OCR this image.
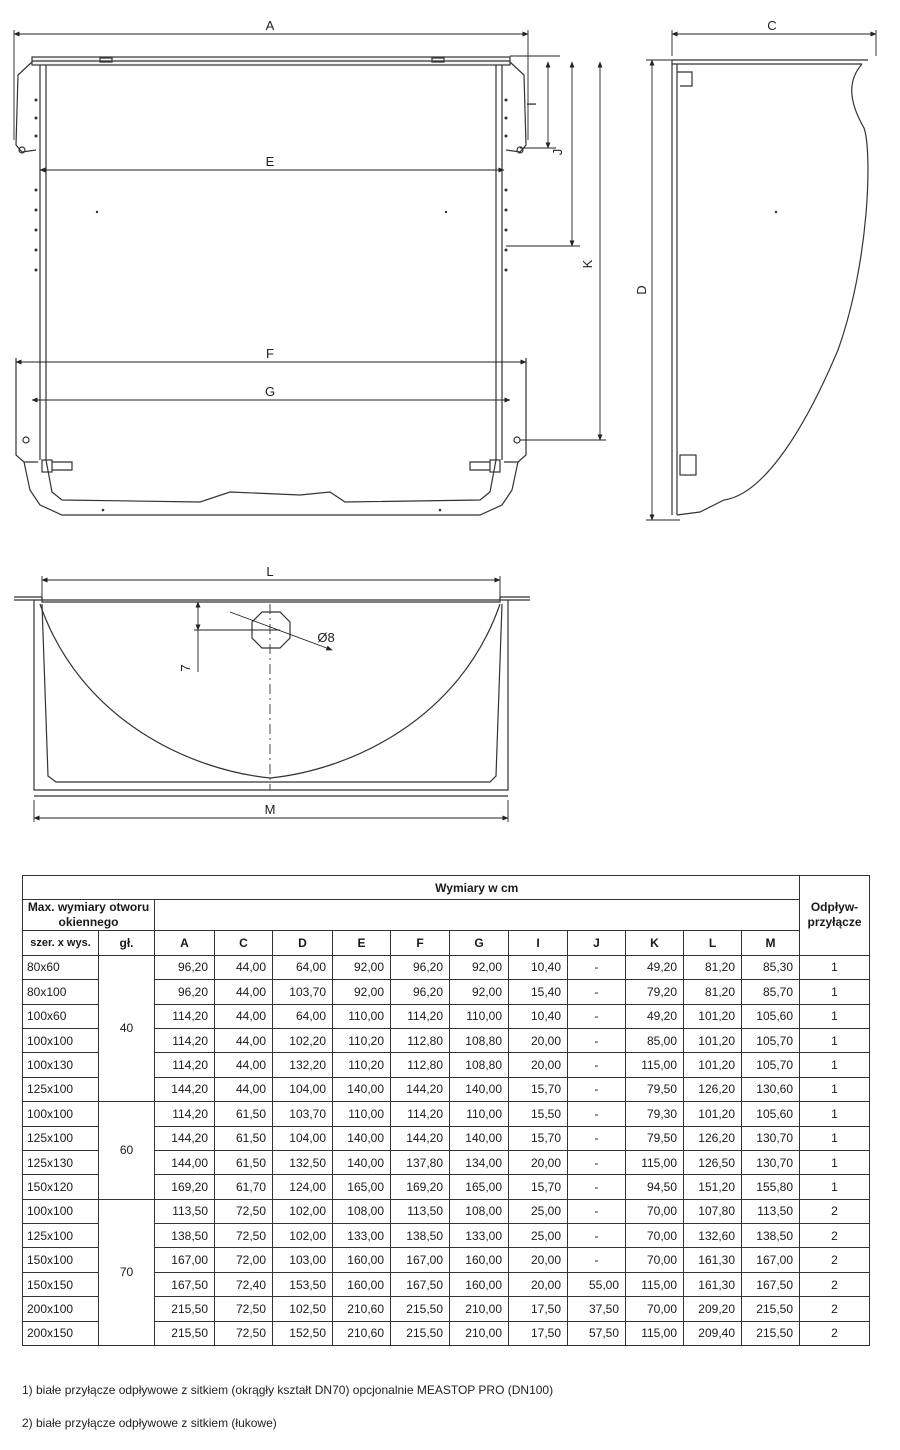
A
E
F
G
I
J
K
C
D
L
M
7
Ø8
		Wymiary w cm											Odpływ-przyłącze
Max. wymiary otworu okiennego													
szer. x wys.	gł.	A	C	D	E	F	G	I	J	K	L	M	
80x60	40	96,20	44,00	64,00	92,00	96,20	92,00	10,40	-	49,20	81,20	85,30	1
80x100		96,20	44,00	103,70	92,00	96,20	92,00	15,40	-	79,20	81,20	85,70	1
100x60		114,20	44,00	64,00	110,00	114,20	110,00	10,40	-	49,20	101,20	105,60	1
100x100		114,20	44,00	102,20	110,20	112,80	108,80	20,00	-	85,00	101,20	105,70	1
100x130		114,20	44,00	132,20	110,20	112,80	108,80	20,00	-	115,00	101,20	105,70	1
125x100		144,20	44,00	104,00	140,00	144,20	140,00	15,70	-	79,50	126,20	130,60	1
100x100	60	114,20	61,50	103,70	110,00	114,20	110,00	15,50	-	79,30	101,20	105,60	1
125x100		144,20	61,50	104,00	140,00	144,20	140,00	15,70	-	79,50	126,20	130,70	1
125x130		144,00	61,50	132,50	140,00	137,80	134,00	20,00	-	115,00	126,50	130,70	1
150x120		169,20	61,70	124,00	165,00	169,20	165,00	15,70	-	94,50	151,20	155,80	1
100x100	70	113,50	72,50	102,00	108,00	113,50	108,00	25,00	-	70,00	107,80	113,50	2
125x100		138,50	72,50	102,00	133,00	138,50	133,00	25,00	-	70,00	132,60	138,50	2
150x100		167,00	72,00	103,00	160,00	167,00	160,00	20,00	-	70,00	161,30	167,00	2
150x150		167,50	72,40	153,50	160,00	167,50	160,00	20,00	55,00	115,00	161,30	167,50	2
200x100		215,50	72,50	102,50	210,60	215,50	210,00	17,50	37,50	70,00	209,20	215,50	2
200x150		215,50	72,50	152,50	210,60	215,50	210,00	17,50	57,50	115,00	209,40	215,50	2
1) białe przyłącze odpływowe z sitkiem (okrągły kształt DN70) opcjonalnie MEASTOP PRO (DN100)
2) białe przyłącze odpływowe z sitkiem (łukowe)
